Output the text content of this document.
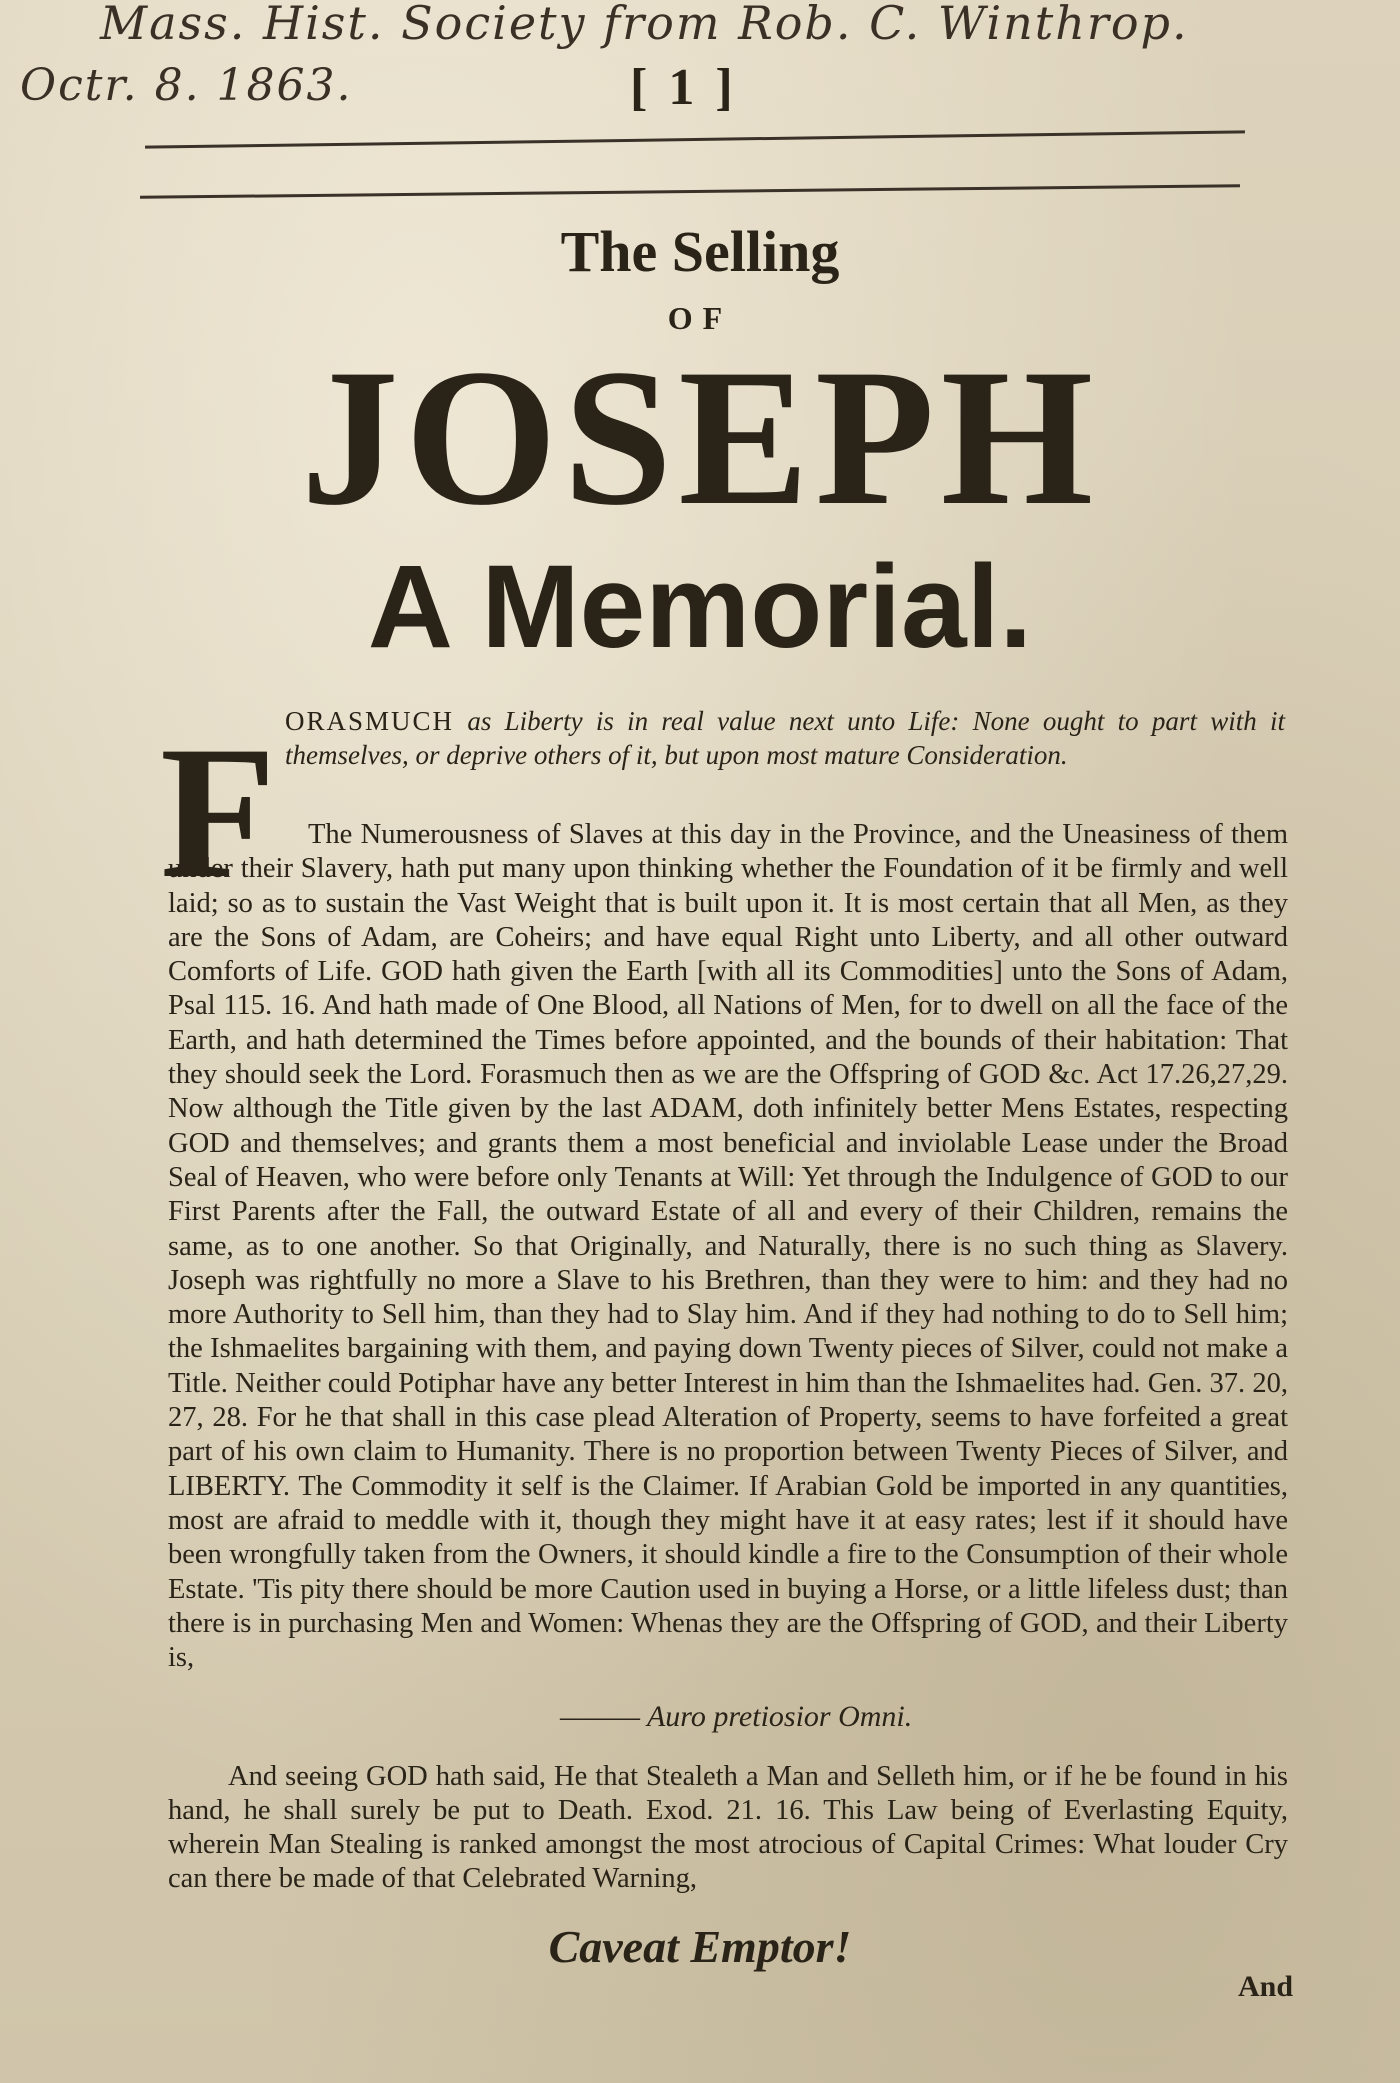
Mass. Hist. Society from Rob. C. Winthrop.
Octr. 8. 1863.	[ 1 ]
The Selling
OF
JOSEPH
A Memorial.
F ORASMUCH as Liberty is in real value next unto Life: None ought to part with it themselves, or deprive others of it, but upon most mature Consideration.
The Numerousness of Slaves at this day in the Province, and the Uneasiness of them under their Slavery, hath put many upon thinking whether the Foundation of it be firmly and well laid; so as to sustain the Vast Weight that is built upon it. It is most certain that all Men, as they are the Sons of Adam, are Coheirs; and have equal Right unto Liberty, and all other outward Comforts of Life. GOD hath given the Earth [with all its Commodities] unto the Sons of Adam, Psal 115. 16. And hath made of One Blood, all Nations of Men, for to dwell on all the face of the Earth, and hath determined the Times before appointed, and the bounds of their habitation: That they should seek the Lord. Forasmuch then as we are the Offspring of GOD &c. Act 17.26,27,29. Now although the Title given by the last ADAM, doth infinitely better Mens Estates, respecting GOD and themselves; and grants them a most beneficial and inviolable Lease under the Broad Seal of Heaven, who were before only Tenants at Will: Yet through the Indulgence of GOD to our First Parents after the Fall, the outward Estate of all and every of their Children, remains the same, as to one another. So that Originally, and Naturally, there is no such thing as Slavery. Joseph was rightfully no more a Slave to his Brethren, than they were to him: and they had no more Authority to Sell him, than they had to Slay him. And if they had nothing to do to Sell him; the Ishmaelites bargaining with them, and paying down Twenty pieces of Silver, could not make a Title. Neither could Potiphar have any better Interest in him than the Ishmaelites had. Gen. 37. 20, 27, 28. For he that shall in this case plead Alteration of Property, seems to have forfeited a great part of his own claim to Humanity. There is no proportion between Twenty Pieces of Silver, and LIBERTY. The Commodity it self is the Claimer. If Arabian Gold be imported in any quantities, most are afraid to meddle with it, though they might have it at easy rates; lest if it should have been wrongfully taken from the Owners, it should kindle a fire to the Consumption of their whole Estate. 'Tis pity there should be more Caution used in buying a Horse, or a little lifeless dust; than there is in purchasing Men and Women: Whenas they are the Offspring of GOD, and their Liberty is,
——— Auro pretiosior Omni.
And seeing GOD hath said, He that Stealeth a Man and Selleth him, or if he be found in his hand, he shall surely be put to Death. Exod. 21. 16. This Law being of Everlasting Equity, wherein Man Stealing is ranked amongst the most atrocious of Capital Crimes: What louder Cry can there be made of that Celebrated Warning,
Caveat Emptor!
And
